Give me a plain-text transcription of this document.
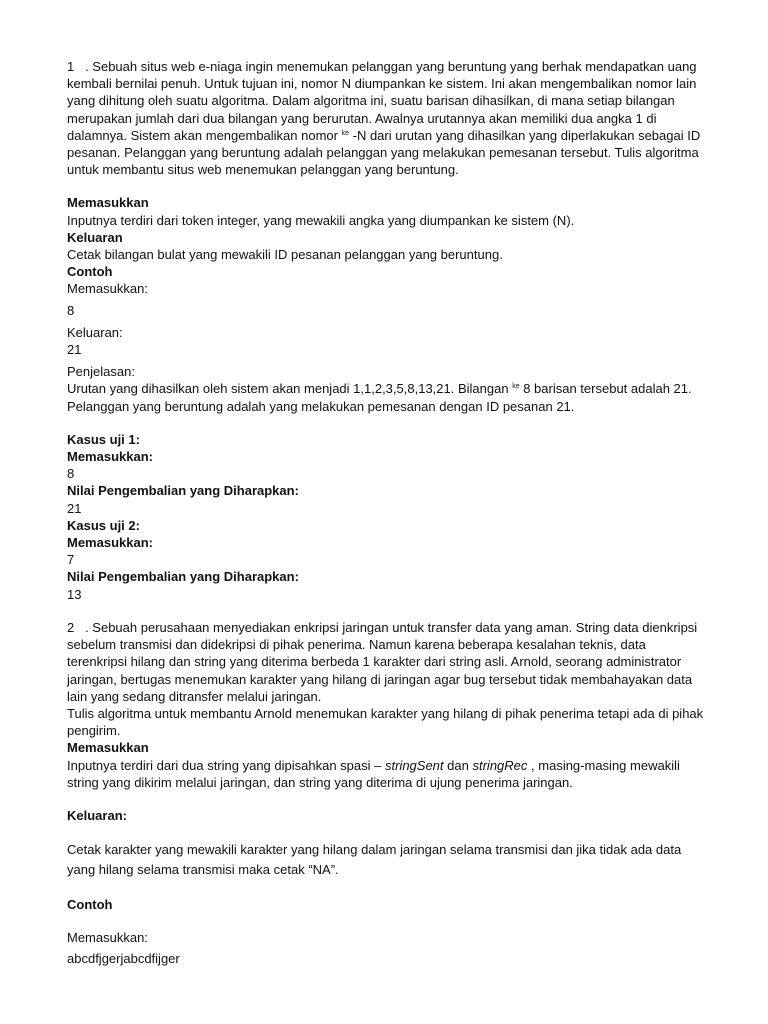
1 . Sebuah situs web e-niaga ingin menemukan pelanggan yang beruntung yang berhak mendapatkan uang kembali bernilai penuh. Untuk tujuan ini, nomor N diumpankan ke sistem. Ini akan mengembalikan nomor lain yang dihitung oleh suatu algoritma. Dalam algoritma ini, suatu barisan dihasilkan, di mana setiap bilangan merupakan jumlah dari dua bilangan yang berurutan. Awalnya urutannya akan memiliki dua angka 1 di dalamnya. Sistem akan mengembalikan nomor $^{ke}$ -N dari urutan yang dihasilkan yang diperlakukan sebagai ID pesanan. Pelanggan yang beruntung adalah pelanggan yang melakukan pemesanan tersebut. Tulis algoritma untuk membantu situs web menemukan pelanggan yang beruntung.

Memasukkan

Inputnya terdiri dari token integer, yang mewakili angka yang diumpankan ke sistem (N).

Keluaran

Cetak bilangan bulat yang mewakili ID pesanan pelanggan yang beruntung.

Contoh

Memasukkan:

8

Keluaran:

21

Penjelasan:

Urutan yang dihasilkan oleh sistem akan menjadi 1,1,2,3,5,8,13,21. Bilangan $^{ke}$ 8 barisan tersebut adalah 21. Pelanggan yang beruntung adalah yang melakukan pemesanan dengan ID pesanan 21.

Kasus uji 1:

Memasukkan:

8

Nilai Pengembalian yang Diharapkan:

21

Kasus uji 2:

Memasukkan:

7

Nilai Pengembalian yang Diharapkan:

13

2 . Sebuah perusahaan menyediakan enkripsi jaringan untuk transfer data yang aman. String data dienkripsi sebelum transmisi dan didekripsi di pihak penerima. Namun karena beberapa kesalahan teknis, data terenkripsi hilang dan string yang diterima berbeda 1 karakter dari string asli. Arnold, seorang administrator jaringan, bertugas menemukan karakter yang hilang di jaringan agar bug tersebut tidak membahayakan data lain yang sedang ditransfer melalui jaringan.

Tulis algoritma untuk membantu Arnold menemukan karakter yang hilang di pihak penerima tetapi ada di pihak pengirim.

Memasukkan

Inputnya terdiri dari dua string yang dipisahkan spasi – stringSent dan stringRec , masing-masing mewakili string yang dikirim melalui jaringan, dan string yang diterima di ujung penerima jaringan.

Keluaran:

Cetak karakter yang mewakili karakter yang hilang dalam jaringan selama transmisi dan jika tidak ada data yang hilang selama transmisi maka cetak “NA”.

Contoh

Memasukkan:

abcdfjgerjabcdfijger
